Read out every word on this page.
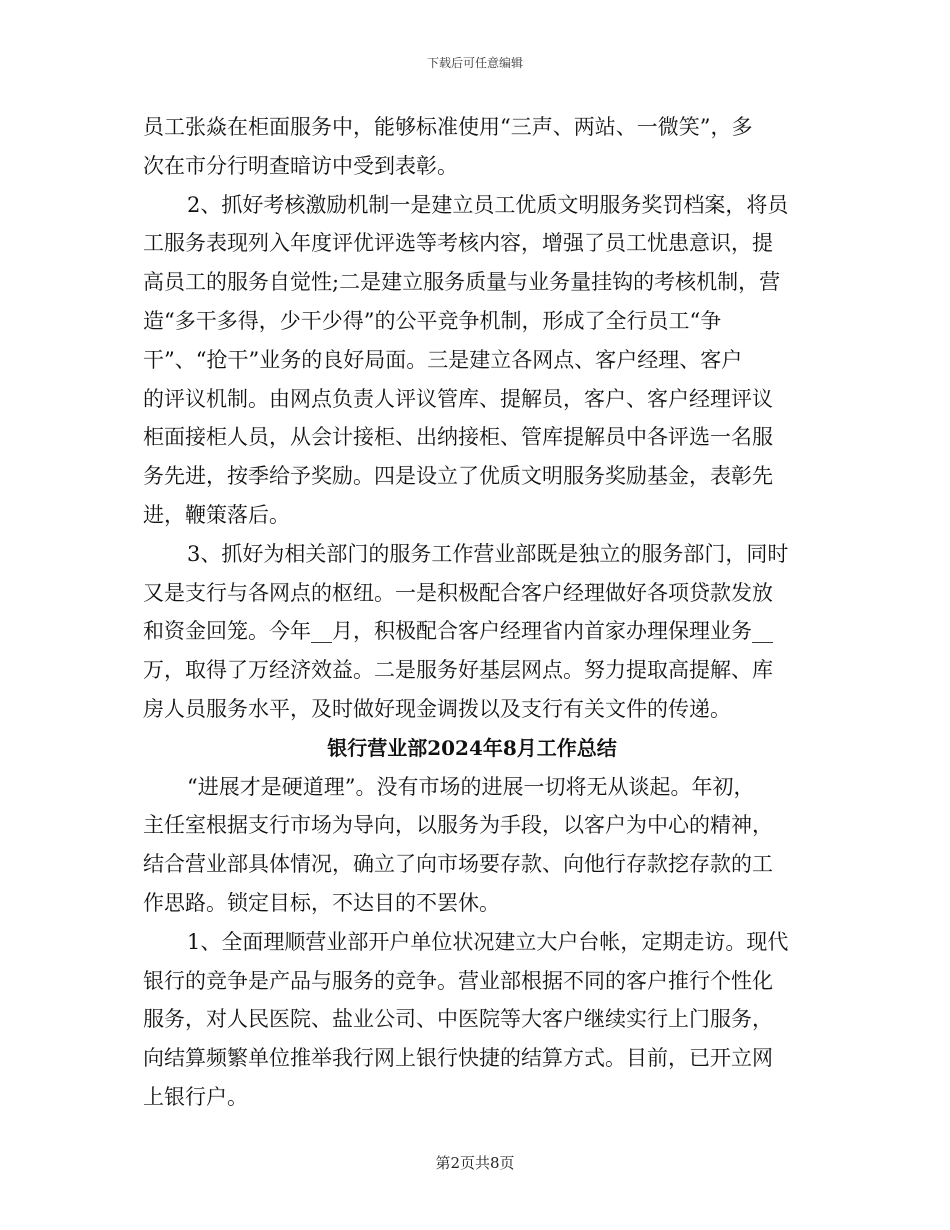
下载后可任意编辑
员工张焱在柜面服务中，能够标准使用“三声、两站、一微笑”，多
次在市分行明查暗访中受到表彰。
2、抓好考核激励机制一是建立员工优质文明服务奖罚档案，将员
工服务表现列入年度评优评选等考核内容，增强了员工忧患意识，提
高员工的服务自觉性;二是建立服务质量与业务量挂钩的考核机制，营
造“多干多得，少干少得”的公平竞争机制，形成了全行员工“争
干”、“抢干”业务的良好局面。三是建立各网点、客户经理、客户
的评议机制。由网点负责人评议管库、提解员，客户、客户经理评议
柜面接柜人员，从会计接柜、出纳接柜、管库提解员中各评选一名服
务先进，按季给予奖励。四是设立了优质文明服务奖励基金，表彰先
进，鞭策落后。
3、抓好为相关部门的服务工作营业部既是独立的服务部门，同时
又是支行与各网点的枢纽。一是积极配合客户经理做好各项贷款发放
和资金回笼。今年__月，积极配合客户经理省内首家办理保理业务__
万，取得了万经济效益。二是服务好基层网点。努力提取高提解、库
房人员服务水平，及时做好现金调拨以及支行有关文件的传递。
银行营业部2024年8月工作总结
“进展才是硬道理”。没有市场的进展一切将无从谈起。年初，
主任室根据支行市场为导向，以服务为手段，以客户为中心的精神，
结合营业部具体情况，确立了向市场要存款、向他行存款挖存款的工
作思路。锁定目标，不达目的不罢休。
1、全面理顺营业部开户单位状况建立大户台帐，定期走访。现代
银行的竞争是产品与服务的竞争。营业部根据不同的客户推行个性化
服务，对人民医院、盐业公司、中医院等大客户继续实行上门服务，
向结算频繁单位推举我行网上银行快捷的结算方式。目前，已开立网
上银行户。
第2页共8页
